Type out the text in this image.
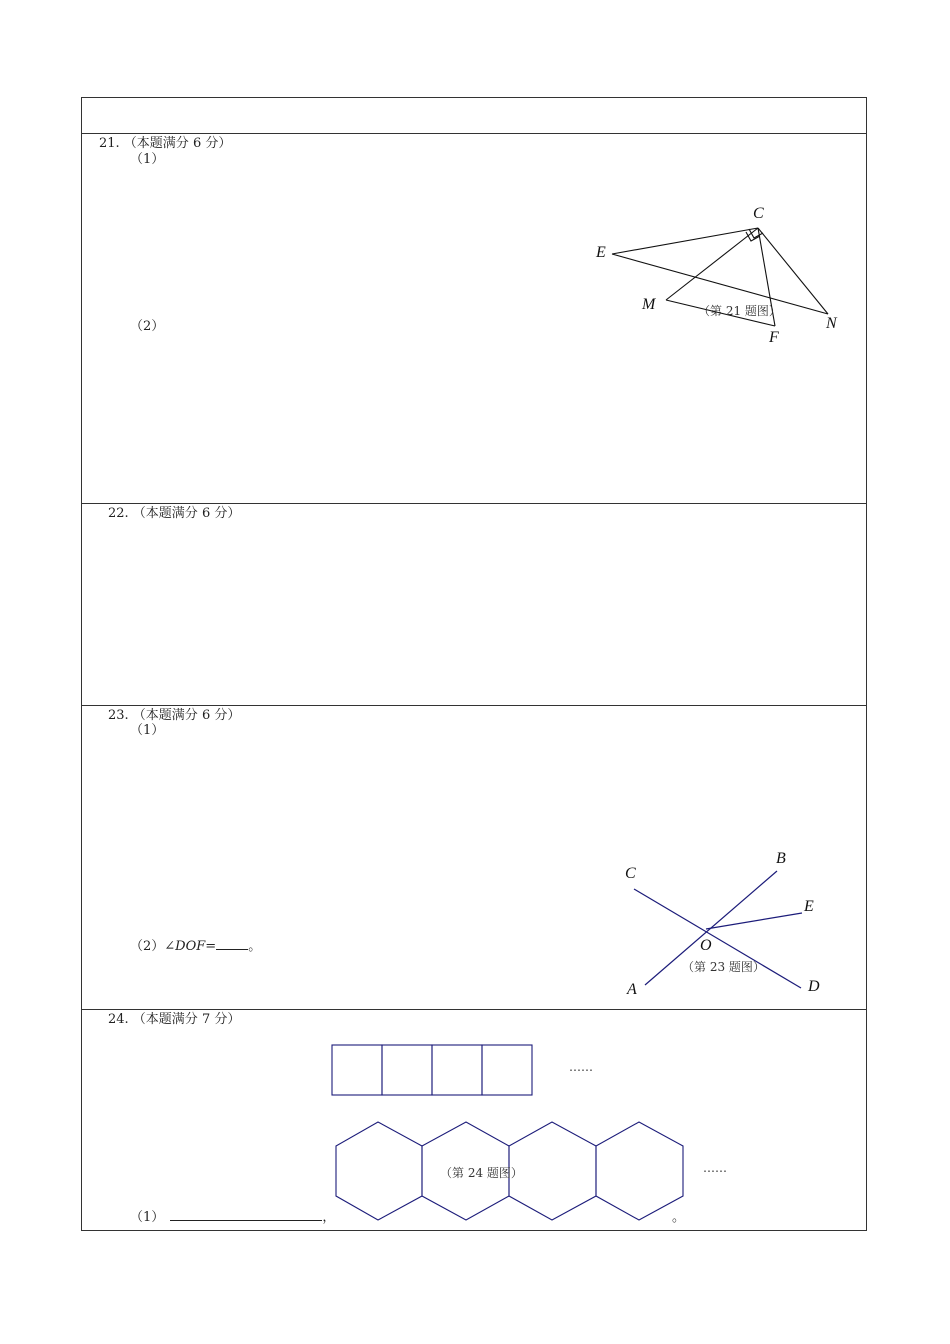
21. （本题满分 6 分）
（1）
（2）
C
E
M
F
N
（第 21 题图）
22. （本题满分 6 分）
23. （本题满分 6 分）
（1）
（2）∠DOF= 。
C
B
E
O
A	D
（第 23 题图）
24. （本题满分 7 分）
……
……
（第 24 题图）
（1）	，	。
